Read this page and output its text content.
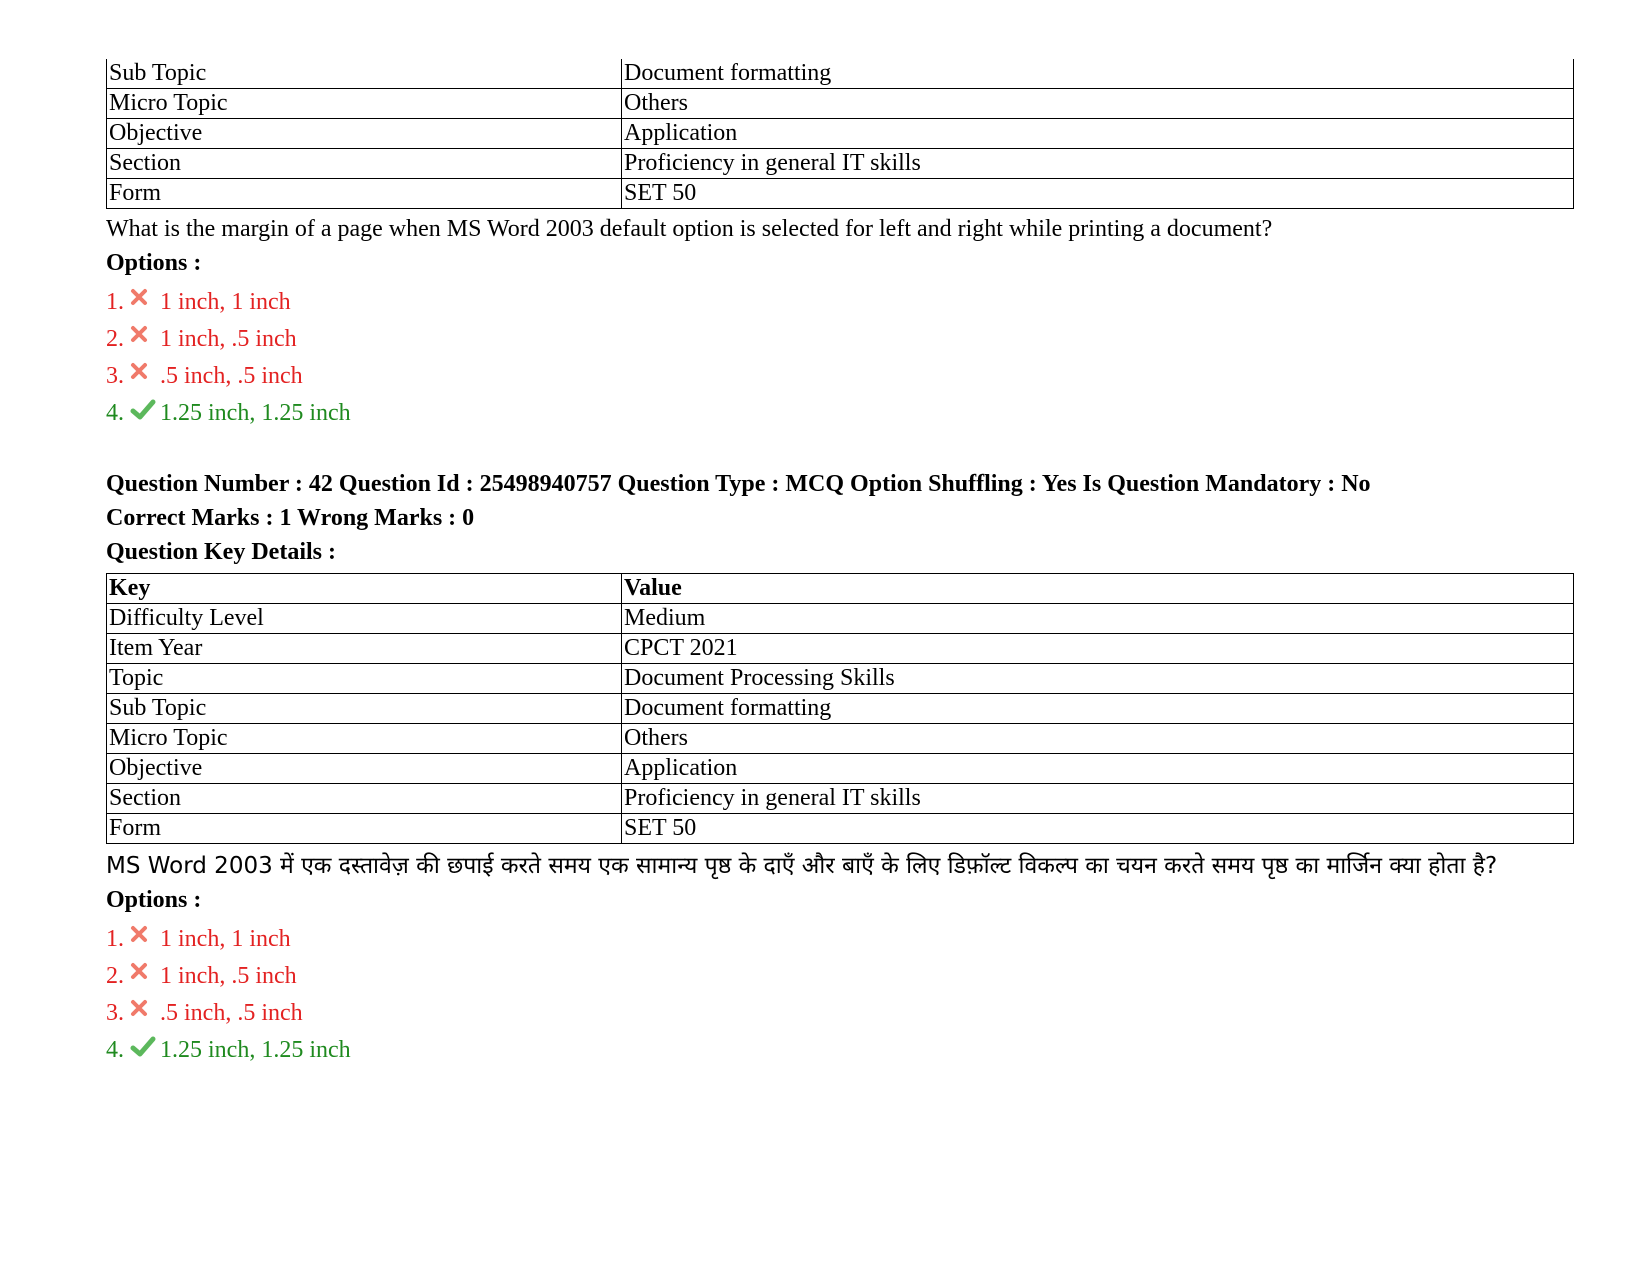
Sub Topic	Document formatting
Micro Topic	Others
Objective	Application
Section	Proficiency in general IT skills
Form	SET 50
What is the margin of a page when MS Word 2003 default option is selected for left and right while printing a document?
Options :
1. 1 inch, 1 inch
2. 1 inch, .5 inch
3. .5 inch, .5 inch
4. 1.25 inch, 1.25 inch
Question Number : 42 Question Id : 25498940757 Question Type : MCQ Option Shuffling : Yes Is Question Mandatory : No
Correct Marks : 1 Wrong Marks : 0
Question Key Details :
Key	Value
Difficulty Level	Medium
Item Year	CPCT 2021
Topic	Document Processing Skills
Sub Topic	Document formatting
Micro Topic	Others
Objective	Application
Section	Proficiency in general IT skills
Form	SET 50
MS Word 2003 में एक दस्तावेज़ की छपाई करते समय एक सामान्य पृष्ठ के दाएँ और बाएँ के लिए डिफ़ॉल्ट विकल्प का चयन करते समय पृष्ठ का मार्जिन क्या होता है?
Options :
1. 1 inch, 1 inch
2. 1 inch, .5 inch
3. .5 inch, .5 inch
4. 1.25 inch, 1.25 inch
